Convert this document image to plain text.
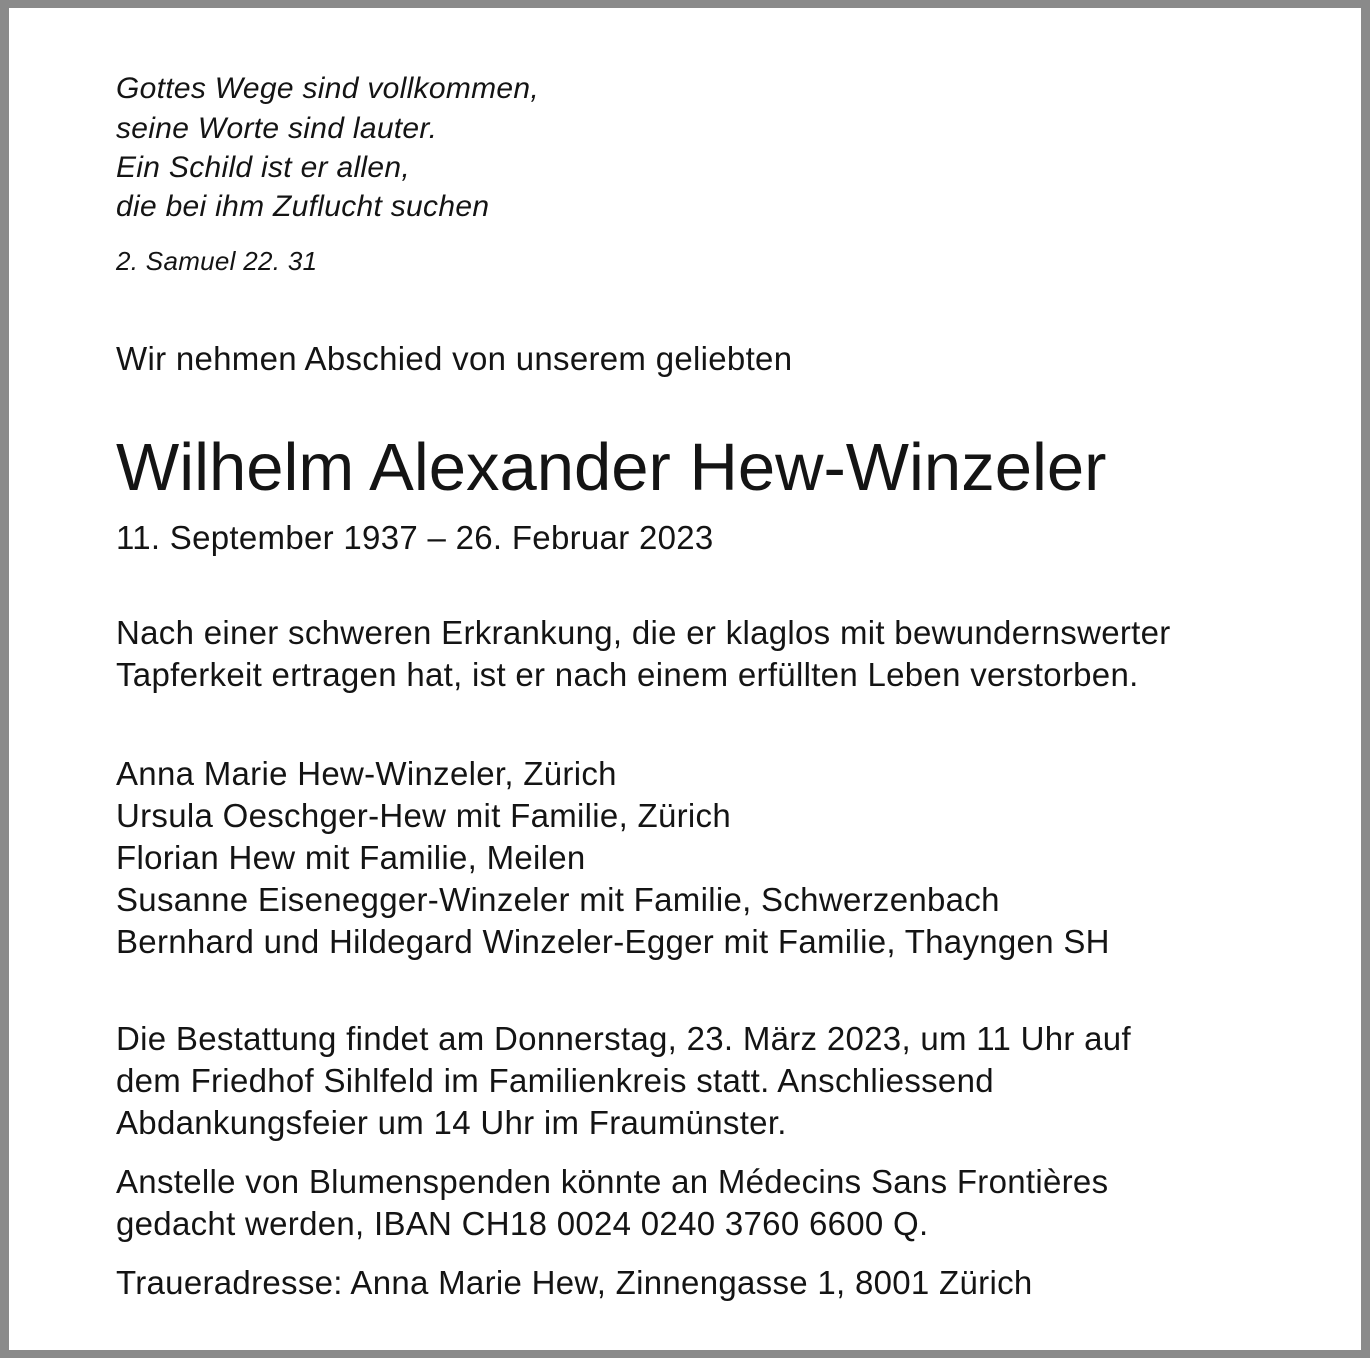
Gottes Wege sind vollkommen,

seine Worte sind lauter.

Ein Schild ist er allen,

die bei ihm Zuflucht suchen

2. Samuel 22. 31

Wir nehmen Abschied von unserem geliebten

Wilhelm Alexander Hew-Winzeler

11. September 1937 – 26. Februar 2023

Nach einer schweren Erkrankung, die er klaglos mit bewundernswerter

Tapferkeit ertragen hat, ist er nach einem erfüllten Leben verstorben.

Anna Marie Hew-Winzeler, Zürich

Ursula Oeschger-Hew mit Familie, Zürich

Florian Hew mit Familie, Meilen

Susanne Eisenegger-Winzeler mit Familie, Schwerzenbach

Bernhard und Hildegard Winzeler-Egger mit Familie, Thayngen SH

Die Bestattung findet am Donnerstag, 23. März 2023, um 11 Uhr auf

dem Friedhof Sihlfeld im Familienkreis statt. Anschliessend

Abdankungsfeier um 14 Uhr im Fraumünster.

Anstelle von Blumenspenden könnte an Médecins Sans Frontières

gedacht werden, IBAN CH18 0024 0240 3760 6600 Q.

Traueradresse: Anna Marie Hew, Zinnengasse 1, 8001 Zürich
